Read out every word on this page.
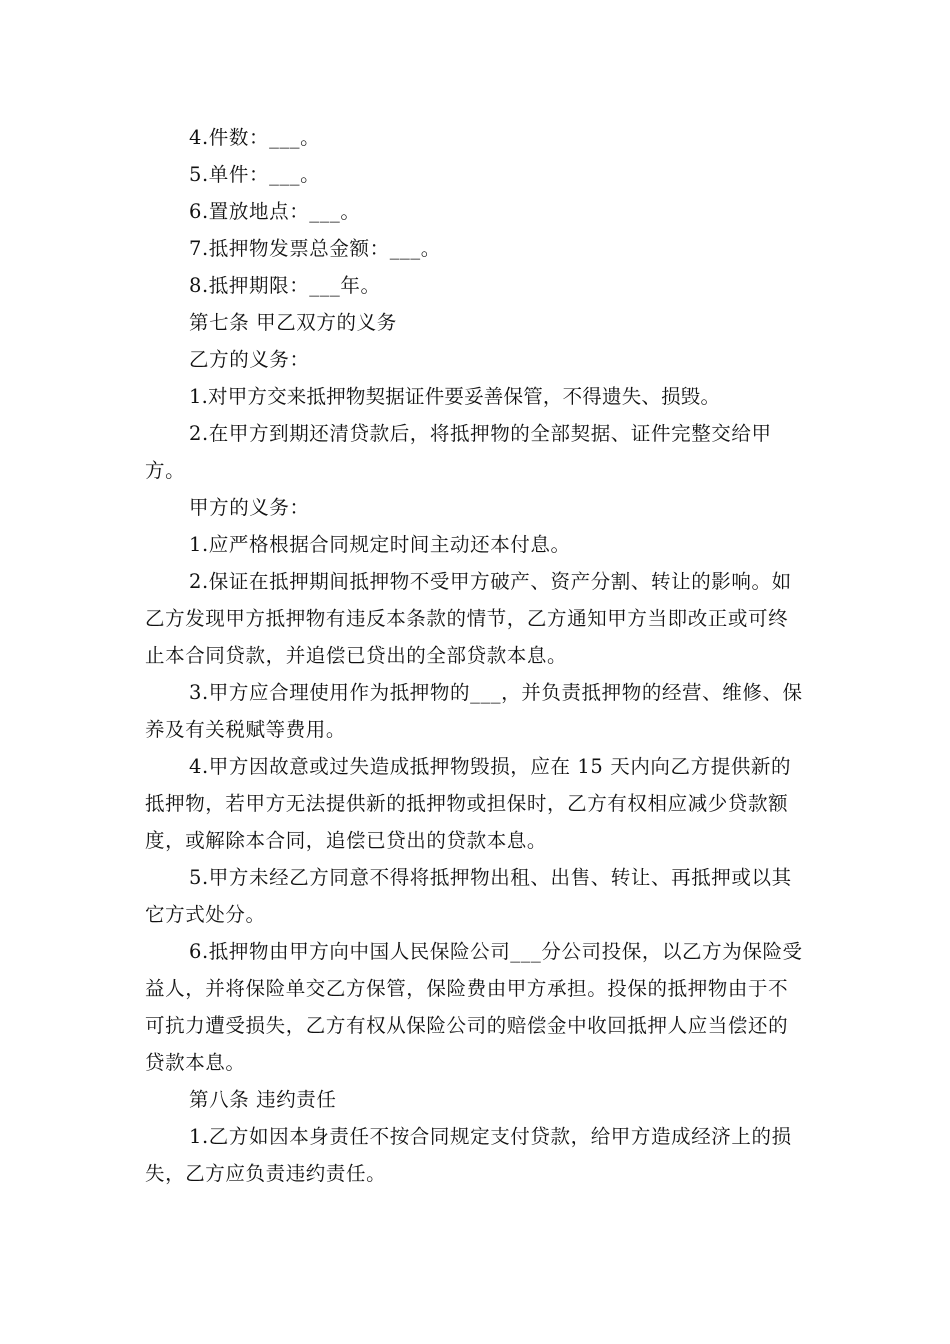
4.件数：___。

5.单件：___。

6.置放地点：___。

7.抵押物发票总金额：___。

8.抵押期限：___年。

第七条 甲乙双方的义务

乙方的义务：

1.对甲方交来抵押物契据证件要妥善保管，不得遗失、损毁。

2.在甲方到期还清贷款后，将抵押物的全部契据、证件完整交给甲方。

甲方的义务：

1.应严格根据合同规定时间主动还本付息。

2.保证在抵押期间抵押物不受甲方破产、资产分割、转让的影响。如乙方发现甲方抵押物有违反本条款的情节，乙方通知甲方当即改正或可终止本合同贷款，并追偿已贷出的全部贷款本息。

3.甲方应合理使用作为抵押物的___，并负责抵押物的经营、维修、保养及有关税赋等费用。

4.甲方因故意或过失造成抵押物毁损，应在 15 天内向乙方提供新的抵押物，若甲方无法提供新的抵押物或担保时，乙方有权相应减少贷款额度，或解除本合同，追偿已贷出的贷款本息。

5.甲方未经乙方同意不得将抵押物出租、出售、转让、再抵押或以其它方式处分。

6.抵押物由甲方向中国人民保险公司___分公司投保，以乙方为保险受益人，并将保险单交乙方保管，保险费由甲方承担。投保的抵押物由于不可抗力遭受损失，乙方有权从保险公司的赔偿金中收回抵押人应当偿还的贷款本息。

第八条 违约责任

1.乙方如因本身责任不按合同规定支付贷款，给甲方造成经济上的损失，乙方应负责违约责任。
